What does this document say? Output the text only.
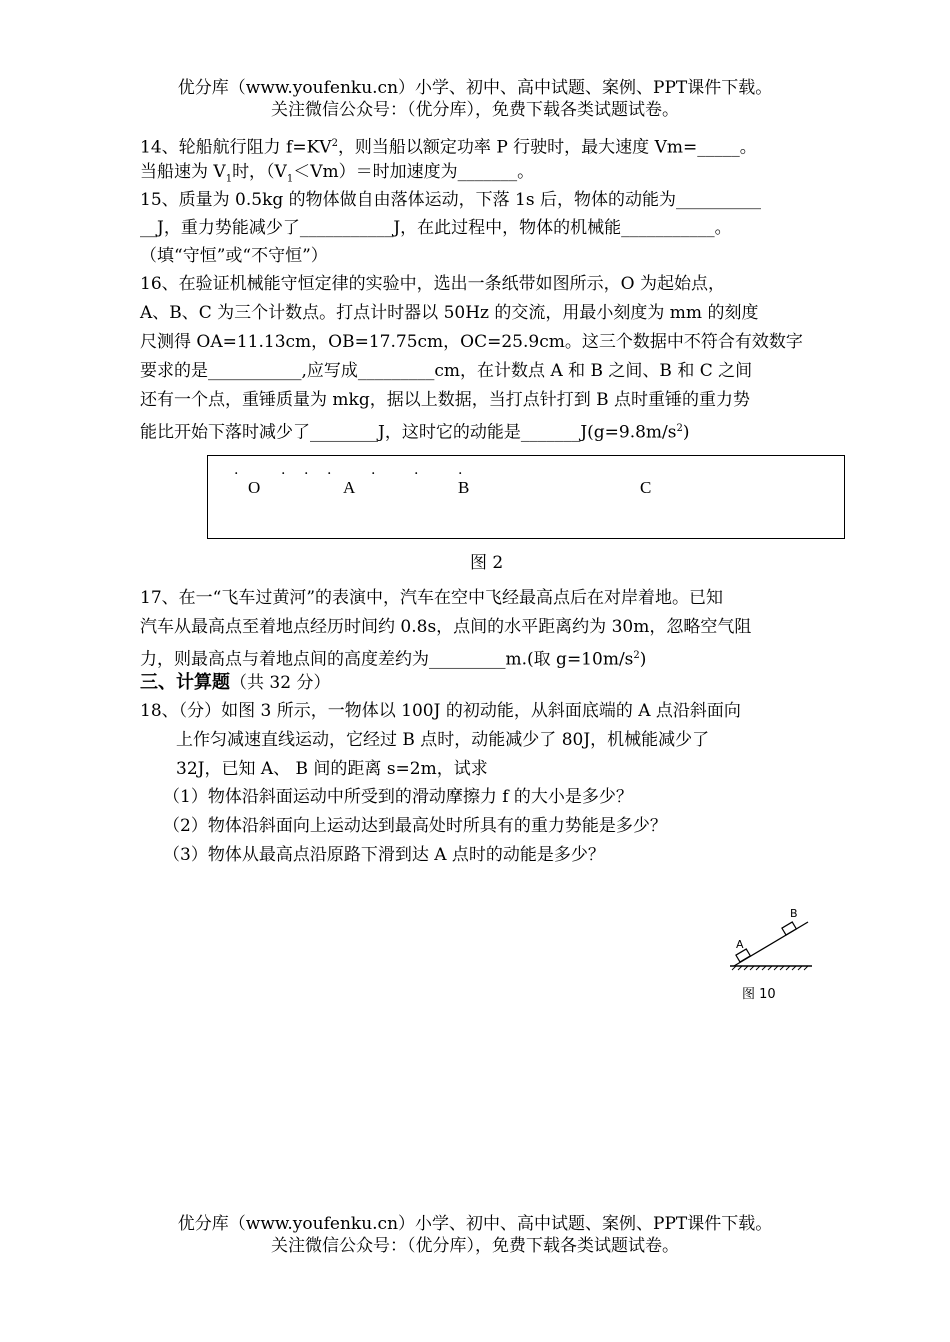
优分库（www.youfenku.cn）小学、初中、高中试题、案例、PPT课件下载。
关注微信公众号：（优分库），免费下载各类试题试卷。
14、轮船航行阻力 $f=KV^2$，则当船以额定功率 P 行驶时，最大速度 Vm=_____。
当船速为 $V_1$时，$(V_1<Vm)=$时加速度为_______。
15、质量为 0.5kg 的物体做自由落体运动，下落 1s 后，物体的动能为__________
__J，重力势能减少了___________J，在此过程中，物体的机械能___________。
（填“守恒”或“不守恒”）
16、在验证机械能守恒定律的实验中，选出一条纸带如图所示，O 为起始点，
A、B、C 为三个计数点。打点计时器以 50Hz 的交流，用最小刻度为 mm 的刻度
尺测得 OA=11.13cm，OB=17.75cm，OC=25.9cm。这三个数据中不符合有效数字
要求的是___________,应写成_________cm，在计数点 A 和 B 之间、B 和 C 之间
还有一个点，重锤质量为 mkg，据以上数据，当打点针打到 B 点时重锤的重力势
能比开始下落时减少了________J，这时它的动能是$\_\_\_\_\_\_\_J(g=9.8m/s^2)$
.	. . .	.	.	.
O	A	B	C
图 2
17、在一“飞车过黄河”的表演中，汽车在空中飞经最高点后在对岸着地。已知
汽车从最高点至着地点经历时间约 0.8s，点间的水平距离约为 30m，忽略空气阻
力，则最高点与着地点间的高度差约为_________m.(取 $g=10m/s^2$)
三、计算题（共 32 分）
18、（分）如图 3 所示，一物体以 100J 的初动能，从斜面底端的 A 点沿斜面向
上作匀减速直线运动，它经过 B 点时，动能减少了 80J，机械能减少了
32J，已知 A、 B 间的距离 s=2m，试求
（1）物体沿斜面运动中所受到的滑动摩擦力 f 的大小是多少？
（2）物体沿斜面向上运动达到最高处时所具有的重力势能是多少？
（3）物体从最高点沿原路下滑到达 A 点时的动能是多少？
A
B
图 10
优分库（www.youfenku.cn）小学、初中、高中试题、案例、PPT课件下载。
关注微信公众号：（优分库），免费下载各类试题试卷。
